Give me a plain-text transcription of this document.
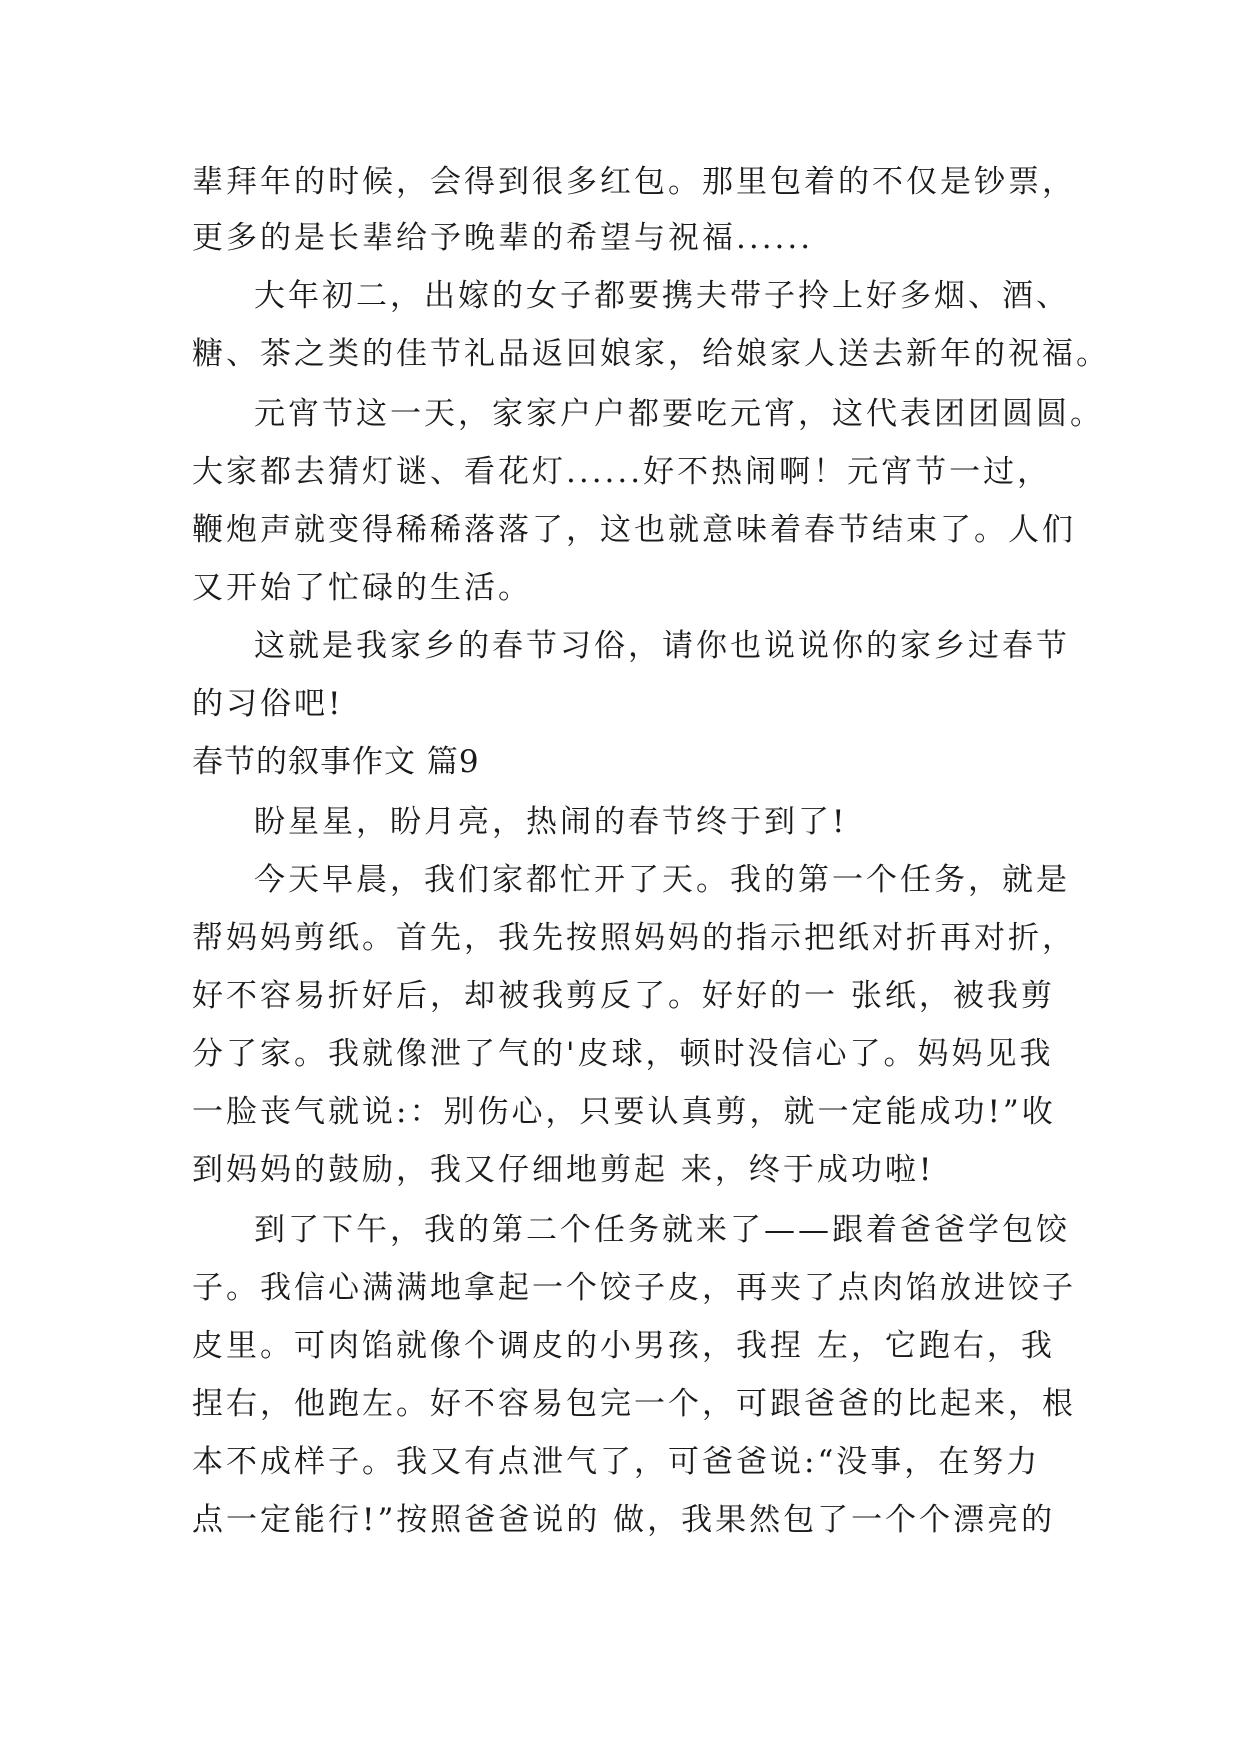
辈拜年的时候，会得到很多红包。那里包着的不仅是钞票，
更多的是长辈给予晚辈的希望与祝福......
大年初二，出嫁的女子都要携夫带子拎上好多烟、酒、
糖、茶之类的佳节礼品返回娘家，给娘家人送去新年的祝福。
元宵节这一天，家家户户都要吃元宵，这代表团团圆圆。
大家都去猜灯谜、看花灯......好不热闹啊！元宵节一过，
鞭炮声就变得稀稀落落了，这也就意味着春节结束了。人们
又开始了忙碌的生活。
这就是我家乡的春节习俗，请你也说说你的家乡过春节
的习俗吧!
春节的叙事作文 篇9
盼星星，盼月亮，热闹的春节终于到了!
今天早晨，我们家都忙开了天。我的第一个任务，就是
帮妈妈剪纸。首先，我先按照妈妈的指示把纸对折再对折，
好不容易折好后，却被我剪反了。好好的一 张纸，被我剪
分了家。我就像泄了气的'皮球，顿时没信心了。妈妈见我
一脸丧气就说:：别伤心，只要认真剪，就一定能成功!”收
到妈妈的鼓励，我又仔细地剪起 来，终于成功啦!
到了下午，我的第二个任务就来了——跟着爸爸学包饺
子。我信心满满地拿起一个饺子皮，再夹了点肉馅放进饺子
皮里。可肉馅就像个调皮的小男孩，我捏 左，它跑右，我
捏右，他跑左。好不容易包完一个，可跟爸爸的比起来，根
本不成样子。我又有点泄气了，可爸爸说:“没事，在努力
点一定能行!”按照爸爸说的 做，我果然包了一个个漂亮的
